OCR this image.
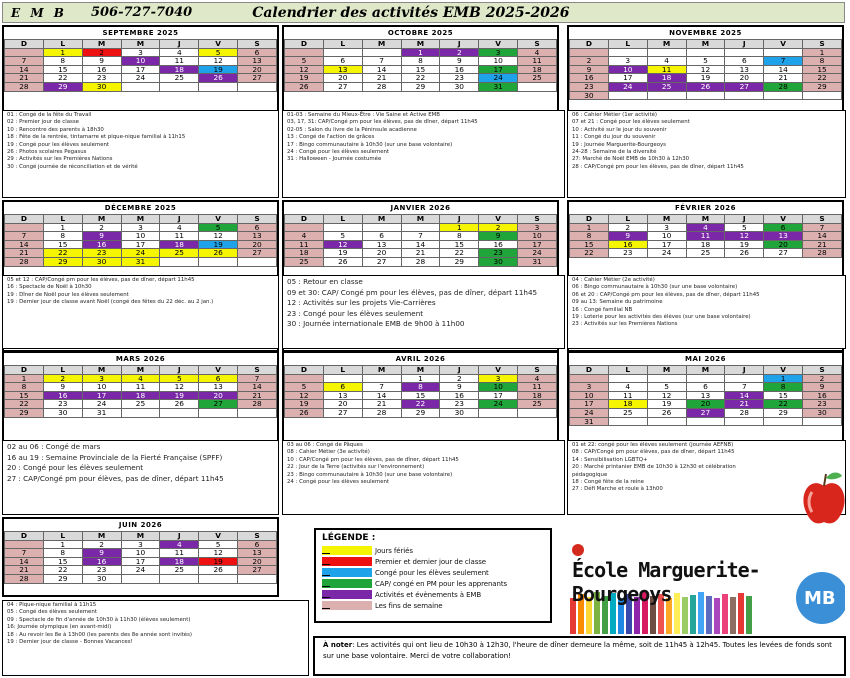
E M B 506-727-7040	Calendrier des activités EMB 2025-2026
SEPTEMBRE 2025
D	L	M	M	J	V	S
	1	2	3	4	5	6
7	8	9	10	11	12	13
14	15	16	17	18	19	20
21	22	23	24	25	26	27
28	29	30				
OCTOBRE 2025
D	L	M	M	J	V	S
			1	2	3	4
5	6	7	8	9	10	11
12	13	14	15	16	17	18
19	20	21	22	23	24	25
26	27	28	29	30	31	
NOVEMBRE 2025
D	L	M	M	J	V	S
						1
2	3	4	5	6	7	8
9	10	11	12	13	14	15
16	17	18	19	20	21	22
23	24	25	26	27	28	29
30						
DÉCEMBRE 2025
D	L	M	M	J	V	S
	1	2	3	4	5	6
7	8	9	10	11	12	13
14	15	16	17	18	19	20
21	22	23	24	25	26	27
28	29	30	31			
JANVIER 2026
D	L	M	M	J	V	S
				1	2	3
4	5	6	7	8	9	10
11	12	13	14	15	16	17
18	19	20	21	22	23	24
25	26	27	28	29	30	31
FÉVRIER 2026
D	L	M	M	J	V	S
1	2	3	4	5	6	7
8	9	10	11	12	13	14
15	16	17	18	19	20	21
22	23	24	25	26	27	28
MARS 2026
D	L	M	M	J	V	S
1	2	3	4	5	6	7
8	9	10	11	12	13	14
15	16	17	18	19	20	21
22	23	24	25	26	27	28
29	30	31				
AVRIL 2026
D	L	M	M	J	V	S
			1	2	3	4
5	6	7	8	9	10	11
12	13	14	15	16	17	18
19	20	21	22	23	24	25
26	27	28	29	30		
MAI 2026
D	L	M	M	J	V	S
					1	2
3	4	5	6	7	8	9
10	11	12	13	14	15	16
17	18	19	20	21	22	23
24	25	26	27	28	29	30
31						
JUIN 2026
D	L	M	M	J	V	S
	1	2	3	4	5	6
7	8	9	10	11	12	13
14	15	16	17	18	19	20
21	22	23	24	25	26	27
28	29	30				
01 : Congé de la fête du Travail
02 : Premier jour de classe
10 : Rencontre des parents à 18h30
18 : Fête de la rentrée, tintamarre et pique-nique familial à 11h15
19 : Congé pour les élèves seulement
26 : Photos scolaires Pegasus
29 : Activités sur les Premières Nations
30 : Congé journée de réconciliation et de vérité
01-03 : Semaine du Mieux-Être : Vie Saine et Active EMB
03, 17, 31: CAP/Congé pm pour les élèves, pas de dîner, départ 11h45
02-05 : Salon du livre de la Péninsule acadienne
13 : Congé de l'action de grâces
17 : Bingo communautaire à 10h30 (sur une base volontaire)
24 : Congé pour les élèves seulement
31 : Halloween - Journée costumée
06 : Cahier Métier (1er activité)
07 et 21 : Congé pour les élèves seulement
10 : Activité sur le jour du souvenir
11 : Congé du jour du souvenir
19 : Journée Marguerite-Bourgeoys
24-28 : Semaine de la diversité
27: Marché de Noël EMB de 10h30 à 12h30
28 : CAP/Congé pm pour les élèves, pas de dîner, départ 11h45
05 et 12 : CAP/Congé pm pour les élèves, pas de dîner, départ 11h45
16 : Spectacle de Noël à 10h30
19 : Dîner de Noël pour les élèves seulement
19 : Dernier jour de classe avant Noël (congé des fêtes du 22 déc. au 2 jan.)
05 : Retour en classe
09 et 30: CAP/ Congé pm pour les élèves, pas de dîner, départ 11h45
12 : Activités sur les projets Vie-Carrières
23 : Congé pour les élèves seulement
30 : Journée internationale EMB de 9h00 à 11h00
04 : Cahier Métier (2e activité)
06 : Bingo communautaire à 10h30 (sur une base volontaire)
06 et 20 : CAP/Congé pm pour les élèves, pas de dîner, départ 11h45
09 au 13: Semaine du patrimoine
16 : Congé familial NB
19 : Loterie pour les activités des élèves (sur une base volontaire)
23 : Activités sur les Premières Nations
02 au 06 : Congé de mars
16 au 19 : Semaine Provinciale de la Fierté Française (SPFF)
20 : Congé pour les élèves seulement
27 : CAP/Congé pm pour élèves, pas de dîner, départ 11h45
03 au 06 : Congé de Pâques
08 : Cahier Métier (3e activité)
10 : CAP/Congé pm pour les élèves, pas de dîner, départ 11h45
22 : Jour de la Terre (activités sur l'environnement)
23 : Bingo communautaire à 10h30 (sur une base volontaire)
24 : Congé pour les élèves seulement
01 et 22: congé pour les élèves seulement (journée AEFNB)
08 : CAP/Congé pm pour élèves, pas de dîner, départ 11h45
14 : Sensibilisation LGBTQ+
20 : Marché printanier EMB de 10h30 à 12h30 et célébration
pédagogique
18 : Congé fête de la reine
27 : Défi Marche et roule à 13h00
04 : Pique-nique familial à 11h15
05 : Congé des élèves seulement
09 : Spectacle de fin d'année de 10h30 à 11h30 (élèves seulement)
16: Journée olympique (en avant-midi)
18 : Au revoir les 8e à 13h00 (les parents des 8e année sont invités)
19 : Dernier jour de classe - Bonnes Vacances!
LÉGENDE :
Jours fériés
Premier et dernier jour de classe
Congé pour les élèves seulement
CAP/ congé en PM pour les apprenants
Activités et évènements à EMB
Les fins de semaine
École Marguerite-Bourgeoys	MB
À noter: Les activités qui ont lieu de 10h30 à 12h30, l'heure de dîner demeure la même, soit de 11h45 à 12h45. Toutes les levées de fonds sont sur une base volontaire. Merci de votre collaboration!
